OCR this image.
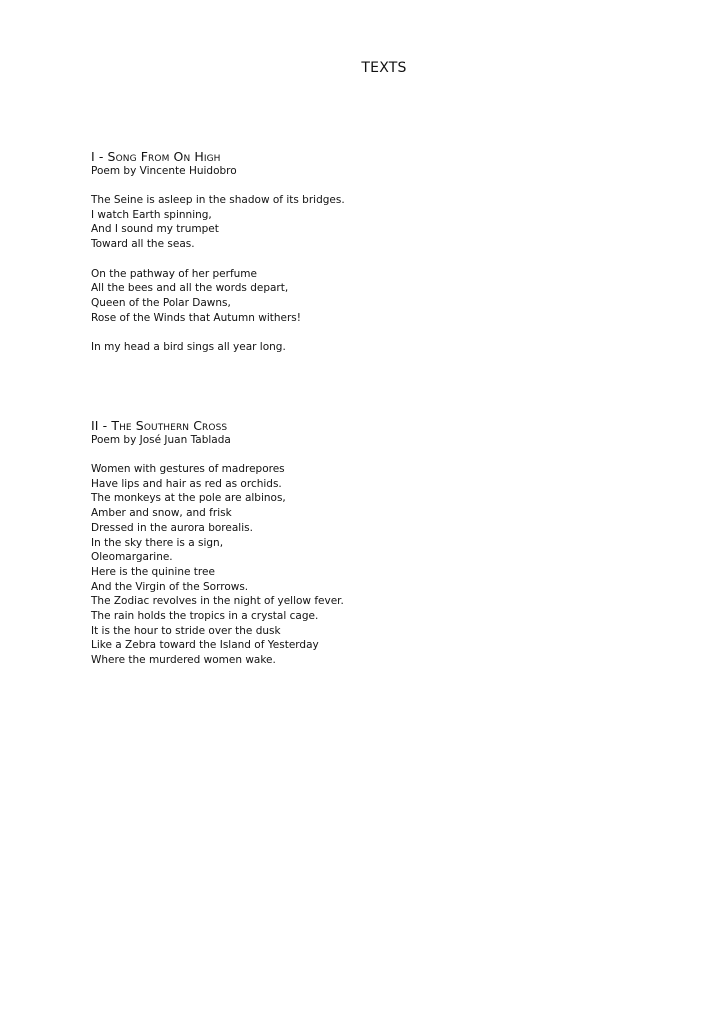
TEXTS
I - Song From On High
Poem by Vincente Huidobro
The Seine is asleep in the shadow of its bridges.
I watch Earth spinning,
And I sound my trumpet
Toward all the seas.
On the pathway of her perfume
All the bees and all the words depart,
Queen of the Polar Dawns,
Rose of the Winds that Autumn withers!
In my head a bird sings all year long.
II - The Southern Cross
Poem by José Juan Tablada
Women with gestures of madrepores
Have lips and hair as red as orchids.
The monkeys at the pole are albinos,
Amber and snow, and frisk
Dressed in the aurora borealis.
In the sky there is a sign,
Oleomargarine.
Here is the quinine tree
And the Virgin of the Sorrows.
The Zodiac revolves in the night of yellow fever.
The rain holds the tropics in a crystal cage.
It is the hour to stride over the dusk
Like a Zebra toward the Island of Yesterday
Where the murdered women wake.
